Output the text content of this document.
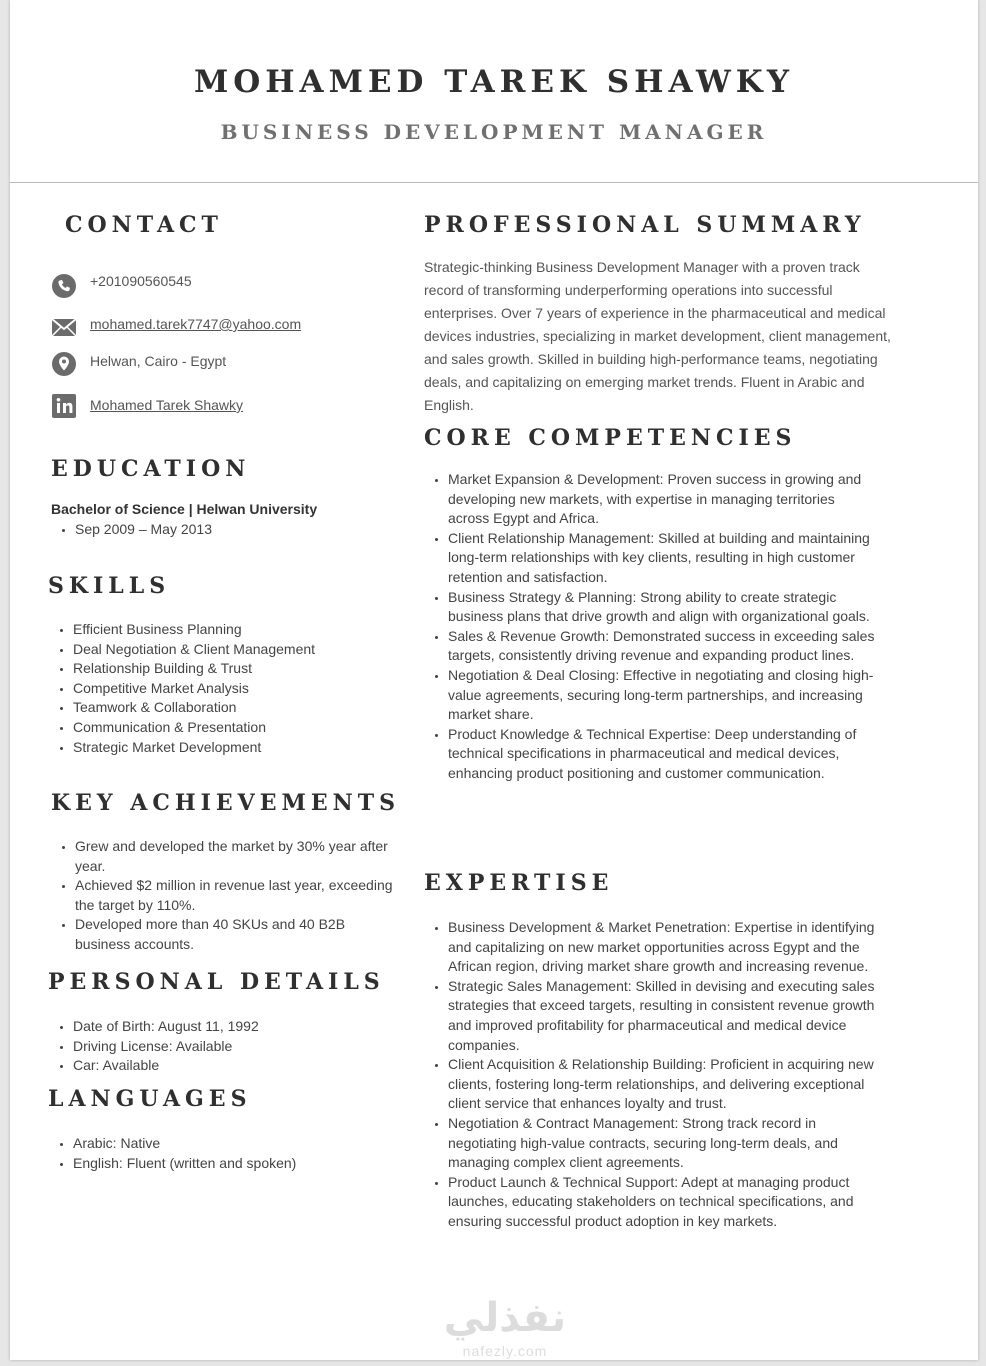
MOHAMED TAREK SHAWKY
BUSINESS DEVELOPMENT MANAGER
CONTACT
+201090560545
mohamed.tarek7747@yahoo.com
Helwan, Cairo - Egypt
Mohamed Tarek Shawky
EDUCATION
Bachelor of Science | Helwan University
• Sep 2009 – May 2013
SKILLS
• Efficient Business Planning
• Deal Negotiation & Client Management
• Relationship Building & Trust
• Competitive Market Analysis
• Teamwork & Collaboration
• Communication & Presentation
• Strategic Market Development
KEY ACHIEVEMENTS
• Grew and developed the market by 30% year after year.
• Achieved $2 million in revenue last year, exceeding the target by 110%.
• Developed more than 40 SKUs and 40 B2B business accounts.
PERSONAL DETAILS
• Date of Birth: August 11, 1992
• Driving License: Available
• Car: Available
LANGUAGES
• Arabic: Native
• English: Fluent (written and spoken)
PROFESSIONAL SUMMARY
Strategic-thinking Business Development Manager with a proven track record of transforming underperforming operations into successful enterprises. Over 7 years of experience in the pharmaceutical and medical devices industries, specializing in market development, client management, and sales growth. Skilled in building high-performance teams, negotiating deals, and capitalizing on emerging market trends. Fluent in Arabic and English.
CORE COMPETENCIES
• Market Expansion & Development: Proven success in growing and developing new markets, with expertise in managing territories across Egypt and Africa.
• Client Relationship Management: Skilled at building and maintaining long-term relationships with key clients, resulting in high customer retention and satisfaction.
• Business Strategy & Planning: Strong ability to create strategic business plans that drive growth and align with organizational goals.
• Sales & Revenue Growth: Demonstrated success in exceeding sales targets, consistently driving revenue and expanding product lines.
• Negotiation & Deal Closing: Effective in negotiating and closing high-value agreements, securing long-term partnerships, and increasing market share.
• Product Knowledge & Technical Expertise: Deep understanding of technical specifications in pharmaceutical and medical devices, enhancing product positioning and customer communication.
EXPERTISE
• Business Development & Market Penetration: Expertise in identifying and capitalizing on new market opportunities across Egypt and the African region, driving market share growth and increasing revenue.
• Strategic Sales Management: Skilled in devising and executing sales strategies that exceed targets, resulting in consistent revenue growth and improved profitability for pharmaceutical and medical device companies.
• Client Acquisition & Relationship Building: Proficient in acquiring new clients, fostering long-term relationships, and delivering exceptional client service that enhances loyalty and trust.
• Negotiation & Contract Management: Strong track record in negotiating high-value contracts, securing long-term deals, and managing complex client agreements.
• Product Launch & Technical Support: Adept at managing product launches, educating stakeholders on technical specifications, and ensuring successful product adoption in key markets.
نفذلي
nafezly.com
